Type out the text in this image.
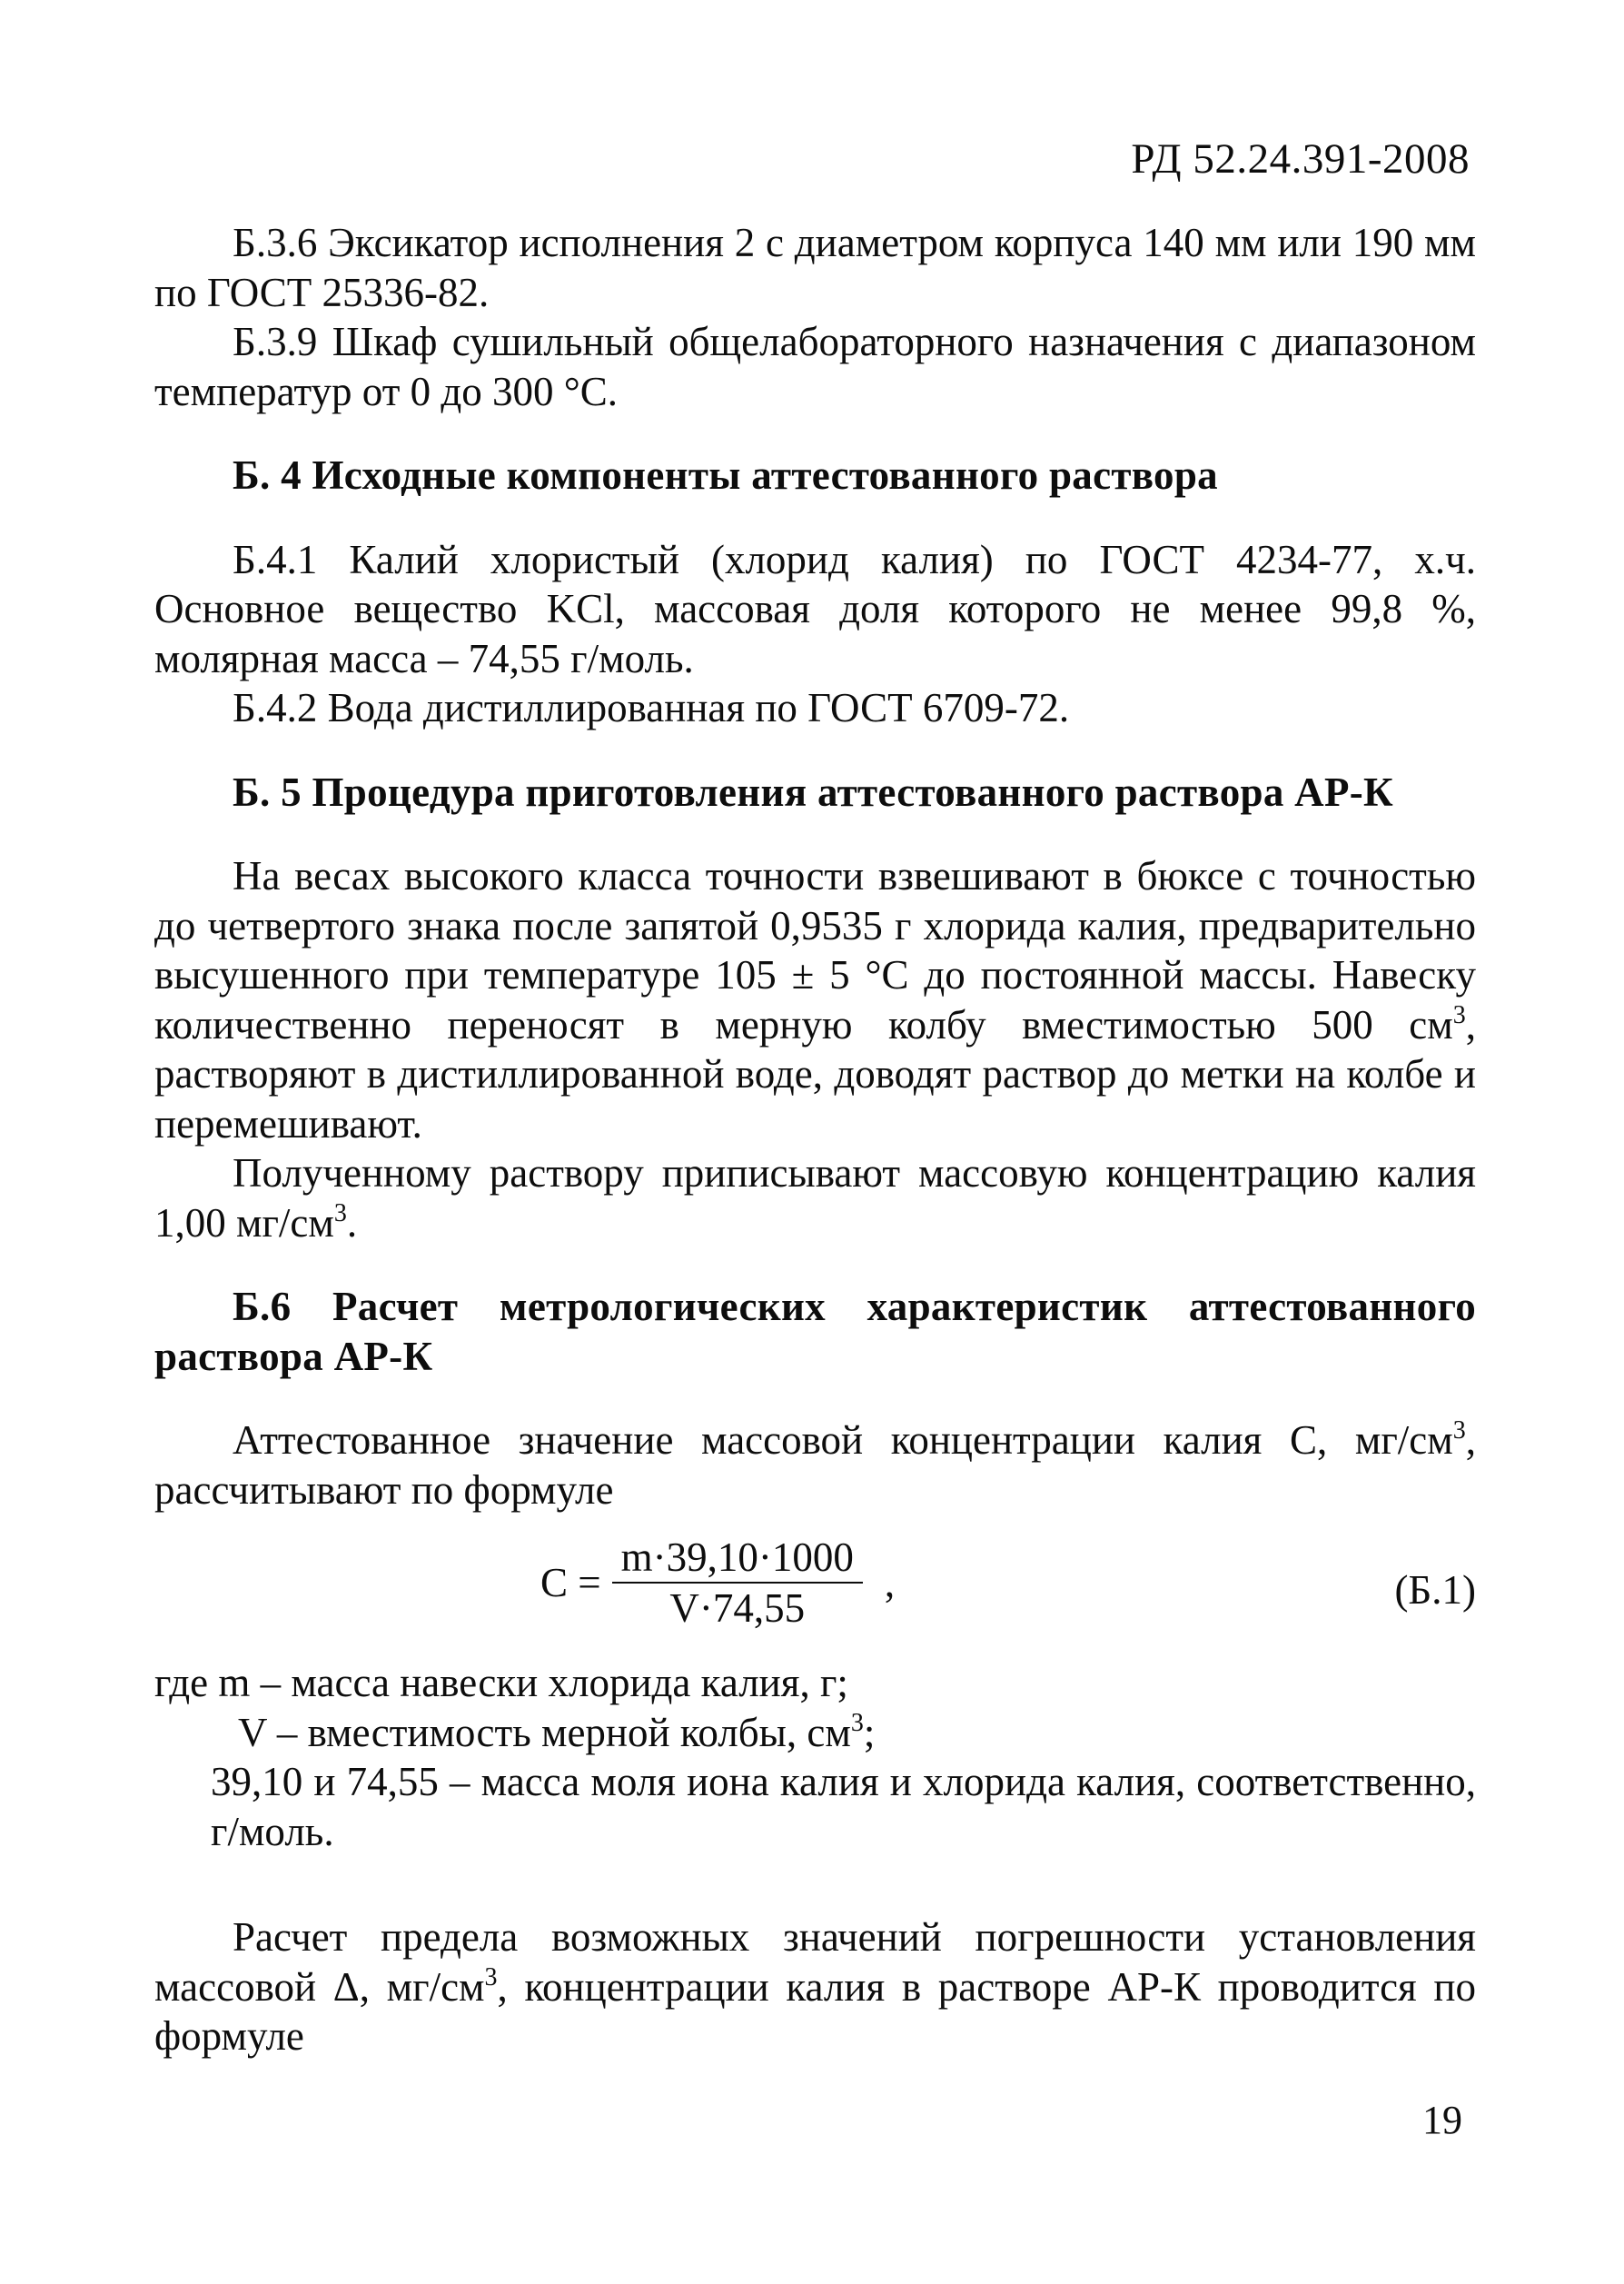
РД 52.24.391-2008

Б.3.6 Эксикатор исполнения 2 с диаметром корпуса 140 мм или 190 мм по ГОСТ 25336-82.

Б.3.9 Шкаф сушильный общелабораторного назначения с диапазоном температур от 0 до 300 °С.

Б. 4 Исходные компоненты аттестованного раствора

Б.4.1 Калий хлористый (хлорид калия) по ГОСТ 4234-77, х.ч. Основное вещество KCl, массовая доля которого не менее 99,8 %, молярная масса – 74,55 г/моль.

Б.4.2 Вода дистиллированная по ГОСТ 6709-72.

Б. 5 Процедура приготовления аттестованного раствора АР-К

На весах высокого класса точности взвешивают в бюксе с точностью до четвертого знака после запятой 0,9535 г хлорида калия, предварительно высушенного при температуре 105 ± 5 °С до постоянной массы. Навеску количественно переносят в мерную колбу вместимостью 500 $см^3$, растворяют в дистиллированной воде, доводят раствор до метки на колбе и перемешивают.

Полученному раствору приписывают массовую концентрацию калия 1,00 $мг/см^3$.

Б.6 Расчет метрологических характеристик аттестованного раствора АР-К

Аттестованное значение массовой концентрации калия С, $мг/см^3$, рассчитывают по формуле

$C = \frac{m\cdot 39,10\cdot 1000}{V\cdot 74,55}$ ,	(Б.1)

где m – масса навески хлорида калия, г;

V – вместимость мерной колбы, $см^3$;

39,10 и 74,55 – масса моля иона калия и хлорида калия, соответственно, г/моль.

Расчет предела возможных значений погрешности установления массовой Δ, $мг/см^3$, концентрации калия в растворе АР-К проводится по формуле

19
